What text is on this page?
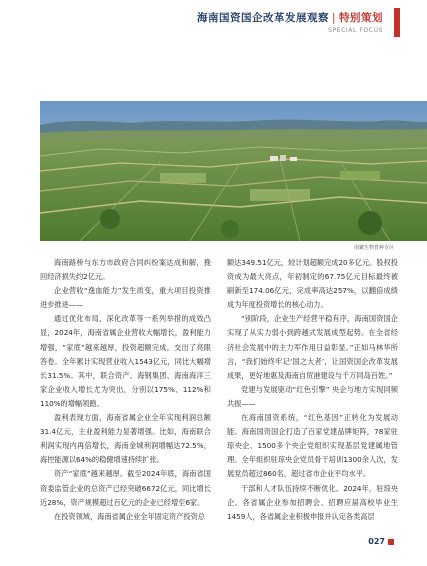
海南国资国企改革发展观察 | 特别策划
SPECIAL FOCUS
南繁生物育种专区

海南路桥与东方市政府合同纠纷案达成和解，挽回经济损失约2亿元。

企业营收“逸血能力”发生质变，重大项目投资推进步推进——

通过优化布局、深化改革等一系列举措的成效凸显，2024年，海南省属企业营收大幅增长，盈利能力增强，“家底”越来越厚，投资超额完成，交出了亮眼答卷。全年累计实现营业收入1543亿元，同比大幅增长31.5%。其中，联合资产、海钢集团、海南海洋三家企业收入增长尤为突出，分别以175%、112%和110%的增幅领跑。

盈利表现方面，海南省属企业全年实现利润总额31.4亿元，主业盈利能力显著增强。比如，海南联合利润实现内再倍增长，海南金城利润增幅达72.5%，海控能源以64%的稳健增速持续扩张。

资产“家底”越来越厚。截至2024年底，海南省国资委监管企业的总资产已经突破6672亿元，同比增长近28%，资产规模超过百亿元的企业已经增至6家。

在投资领域，海南省属企业全年固定资产投资总

额达349.51亿元，较计划超额完成20多亿元。股权投资成为最大亮点，年初制定的67.75亿元目标最终被刷新至174.06亿元，完成率高达257%，以翻倍成绩成为年度投资增长的核心动力。

“别阶段，企业生产经营平稳有序，海南国资国企实现了从实力弱小到跨越式发展成型起势。在全省经济社会发展中的主力军作用日益彰显。”正如马林华所言，“我们始终牢记‘国之大者’，让国资国企改革发展成果，更好地惠及海南自贸港建设与千万同岛百姓。”

党建与发展驱动“红色引擎” 央企与地方实现同频共振——

在海南国资系统，“红色基因”正转化为发展动能。海南国资国企打造了百家党建品牌矩阵，78家驻琼央企、1500多个央企党组织实现基层党建属地管理。全年组织驻琼央企党员骨干培训1300余人次，发展党员超过860名，超过省市企业平均水平。

干部和人才队伍持续不断优化。2024年，驻琼央企、各省属企业参加招聘会、招聘应届高校毕业生1459人，各省属企业积极申报并认定各类高层

027
